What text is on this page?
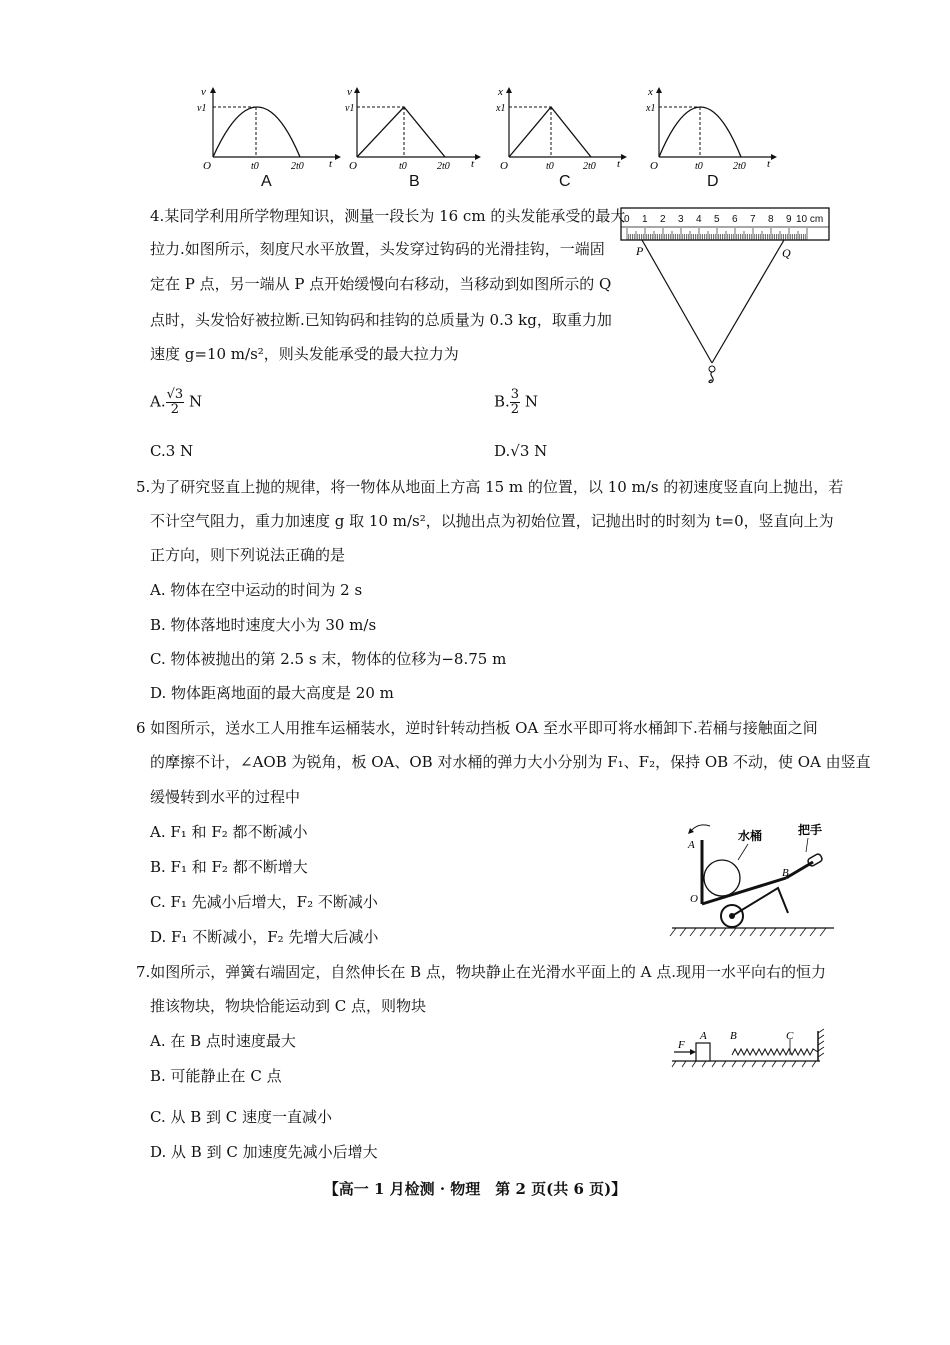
v
v1
O	t0	2t0 t
A
v
v1
O	t0	2t0 t
B
x
x1
O	t0	2t0 t
C
x
x1
O	t0	2t0 t
D
4.某同学利用所学物理知识，测量一段长为 16 cm 的头发能承受的最大
拉力.如图所示，刻度尺水平放置，头发穿过钩码的光滑挂钩，一端固
定在 P 点，另一端从 P 点开始缓慢向右移动，当移动到如图所示的 Q
点时，头发恰好被拉断.已知钩码和挂钩的总质量为 0.3 kg，取重力加
速度 g=10 m/s²，则头发能承受的最大拉力为
A. $\frac{√3}{2}$ N	B. $\frac{3}{2}$ N
C.3 N	D.√3 N
0 1 2 3 4 5 6 7 8 9 10 cm
P	Q
5.为了研究竖直上抛的规律，将一物体从地面上方高 15 m 的位置，以 10 m/s 的初速度竖直向上抛出，若
不计空气阻力，重力加速度 g 取 10 m/s²，以抛出点为初始位置，记抛出时的时刻为 t=0，竖直向上为
正方向，则下列说法正确的是
A. 物体在空中运动的时间为 2 s
B. 物体落地时速度大小为 30 m/s
C. 物体被抛出的第 2.5 s 末，物体的位移为−8.75 m
D. 物体距离地面的最大高度是 20 m
6 如图所示，送水工人用推车运桶装水，逆时针转动挡板 OA 至水平即可将水桶卸下.若桶与接触面之间
的摩擦不计，∠AOB 为锐角，板 OA、OB 对水桶的弹力大小分别为 F₁、F₂，保持 OB 不动，使 OA 由竖直
缓慢转到水平的过程中
A. F₁ 和 F₂ 都不断减小
B. F₁ 和 F₂ 都不断增大
C. F₁ 先减小后增大，F₂ 不断减小
D. F₁ 不断减小，F₂ 先增大后减小
水桶	把手
A
B
O
7.如图所示，弹簧右端固定，自然伸长在 B 点，物块静止在光滑水平面上的 A 点.现用一水平向右的恒力
推该物块，物块恰能运动到 C 点，则物块
A. 在 B 点时速度最大
B. 可能静止在 C 点
C. 从 B 到 C 速度一直减小
D. 从 B 到 C 加速度先减小后增大
F
A B	C
【高一 1 月检测 · 物理　第 2 页(共 6 页)】
